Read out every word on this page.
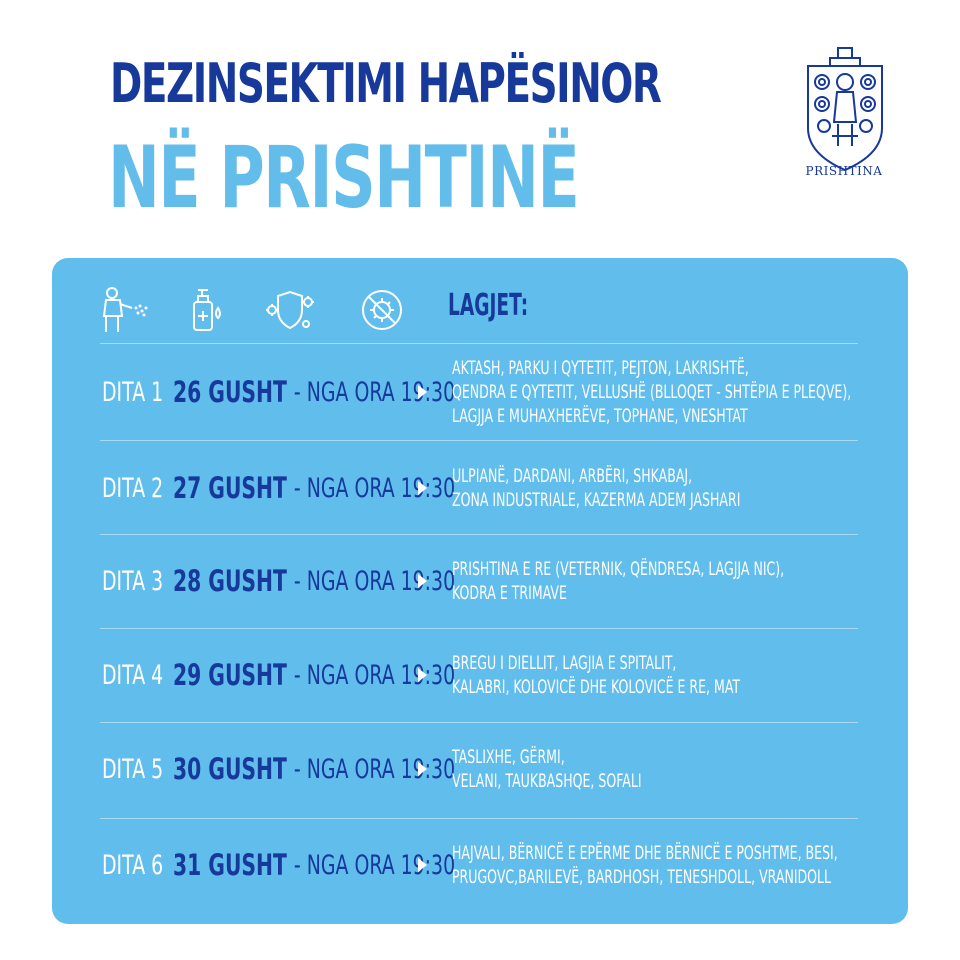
DEZINSEKTIMI HAPËSINOR
NË PRISHTINË	PRISHTINA
LAGJET:
DITA 1 26 GUSHT - NGA ORA 19:30
AKTASH, PARKU I QYTETIT, PEJTON, LAKRISHTË,
QENDRA E QYTETIT, VELLUSHË (BLLOQET - SHTËPIA E PLEQVE),
LAGJJA E MUHAXHERËVE, TOPHANE, VNESHTAT
DITA 2 27 GUSHT - NGA ORA 19:30
ULPIANË, DARDANI, ARBËRI, SHKABAJ,
ZONA INDUSTRIALE, KAZERMA ADEM JASHARI
DITA 3 28 GUSHT - NGA ORA 19:30
PRISHTINA E RE (VETERNIK, QËNDRESA, LAGJJA NIC),
KODRA E TRIMAVE
DITA 4 29 GUSHT - NGA ORA 19:30
BREGU I DIELLIT, LAGJIA E SPITALIT,
KALABRI, KOLOVICË DHE KOLOVICË E RE, MAT
DITA 5 30 GUSHT - NGA ORA 19:30
TASLIXHE, GËRMI,
VELANI, TAUKBASHQE, SOFALI
DITA 6 31 GUSHT - NGA ORA 19:30
HAJVALI, BËRNICË E EPËRME DHE BËRNICË E POSHTME, BESI,
PRUGOVC,BARILEVË, BARDHOSH, TENESHDOLL, VRANIDOLL
